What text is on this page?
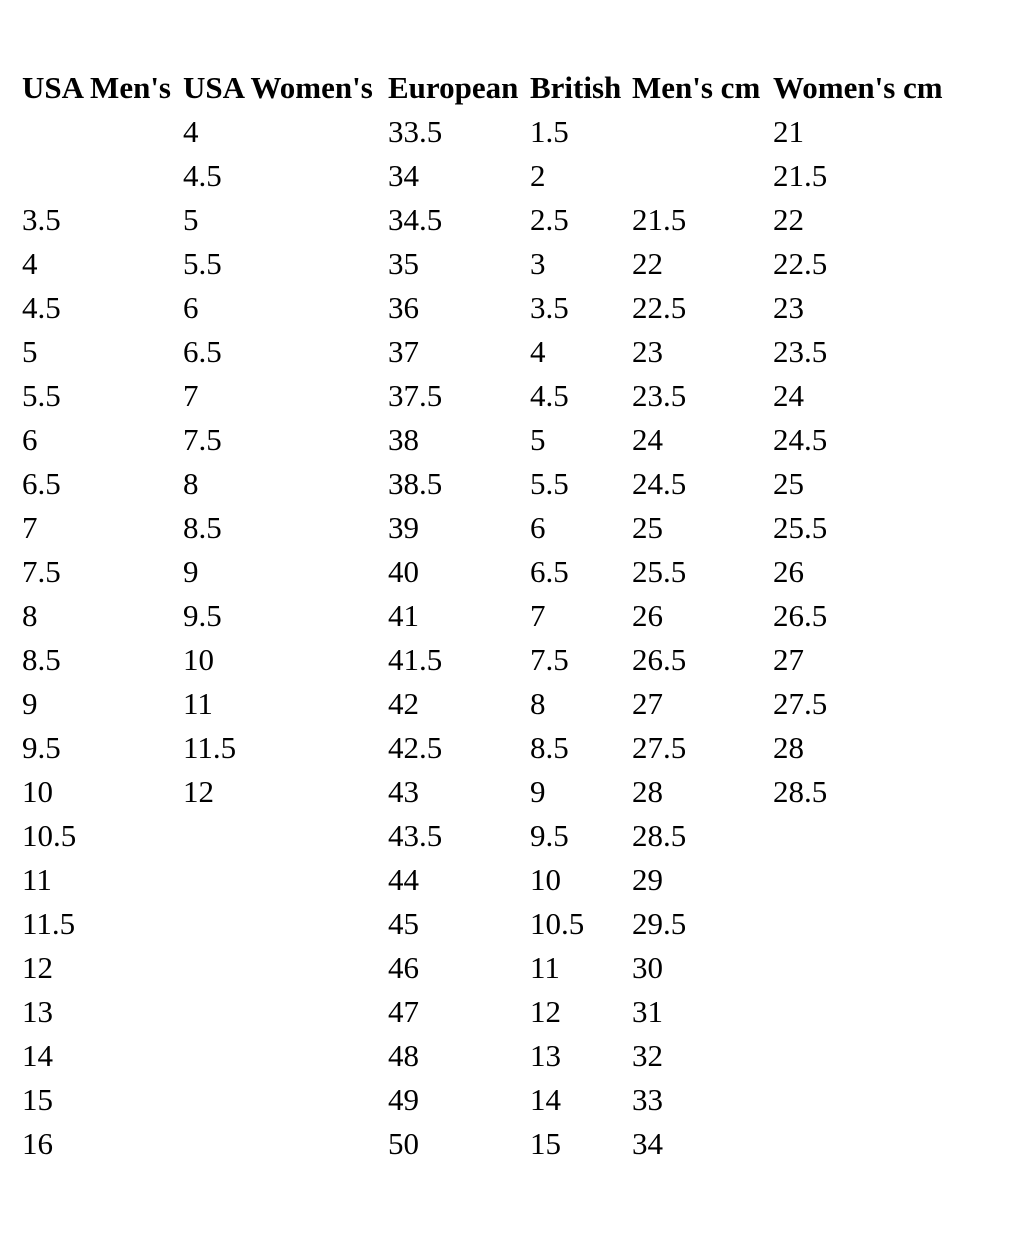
USA Men's	USA Women's	European	British	Men's cm	Women's cm
	4	33.5	1.5		21
	4.5	34	2		21.5
3.5	5	34.5	2.5	21.5	22
4	5.5	35	3	22	22.5
4.5	6	36	3.5	22.5	23
5	6.5	37	4	23	23.5
5.5	7	37.5	4.5	23.5	24
6	7.5	38	5	24	24.5
6.5	8	38.5	5.5	24.5	25
7	8.5	39	6	25	25.5
7.5	9	40	6.5	25.5	26
8	9.5	41	7	26	26.5
8.5	10	41.5	7.5	26.5	27
9	11	42	8	27	27.5
9.5	11.5	42.5	8.5	27.5	28
10	12	43	9	28	28.5
10.5		43.5	9.5	28.5	
11		44	10	29	
11.5		45	10.5	29.5	
12		46	11	30	
13		47	12	31	
14		48	13	32	
15		49	14	33	
16		50	15	34	
